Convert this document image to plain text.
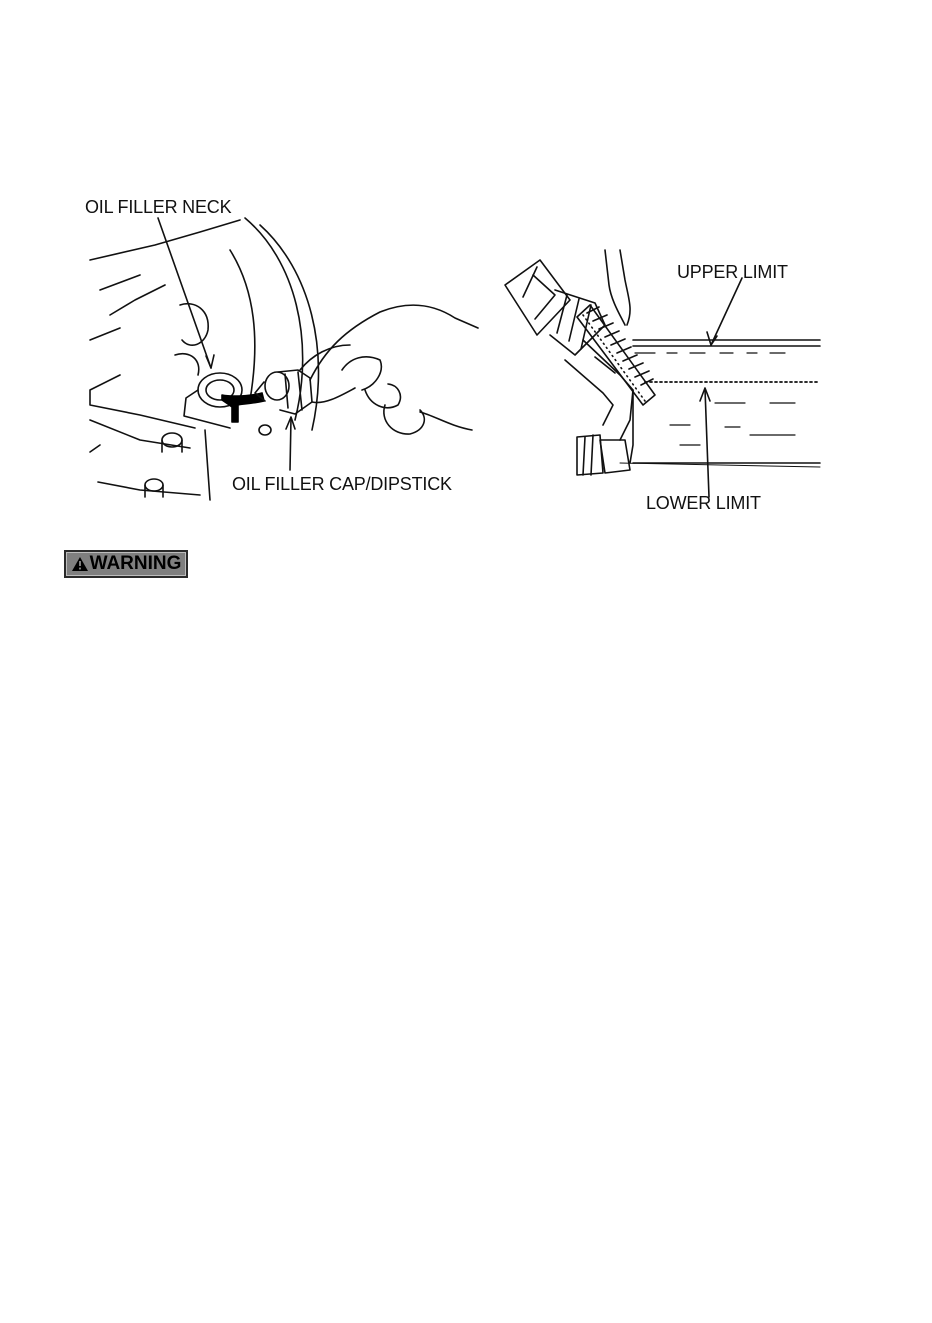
OIL FILLER NECK
OIL FILLER CAP/DIPSTICK
UPPER LIMIT
LOWER LIMIT
WARNING
